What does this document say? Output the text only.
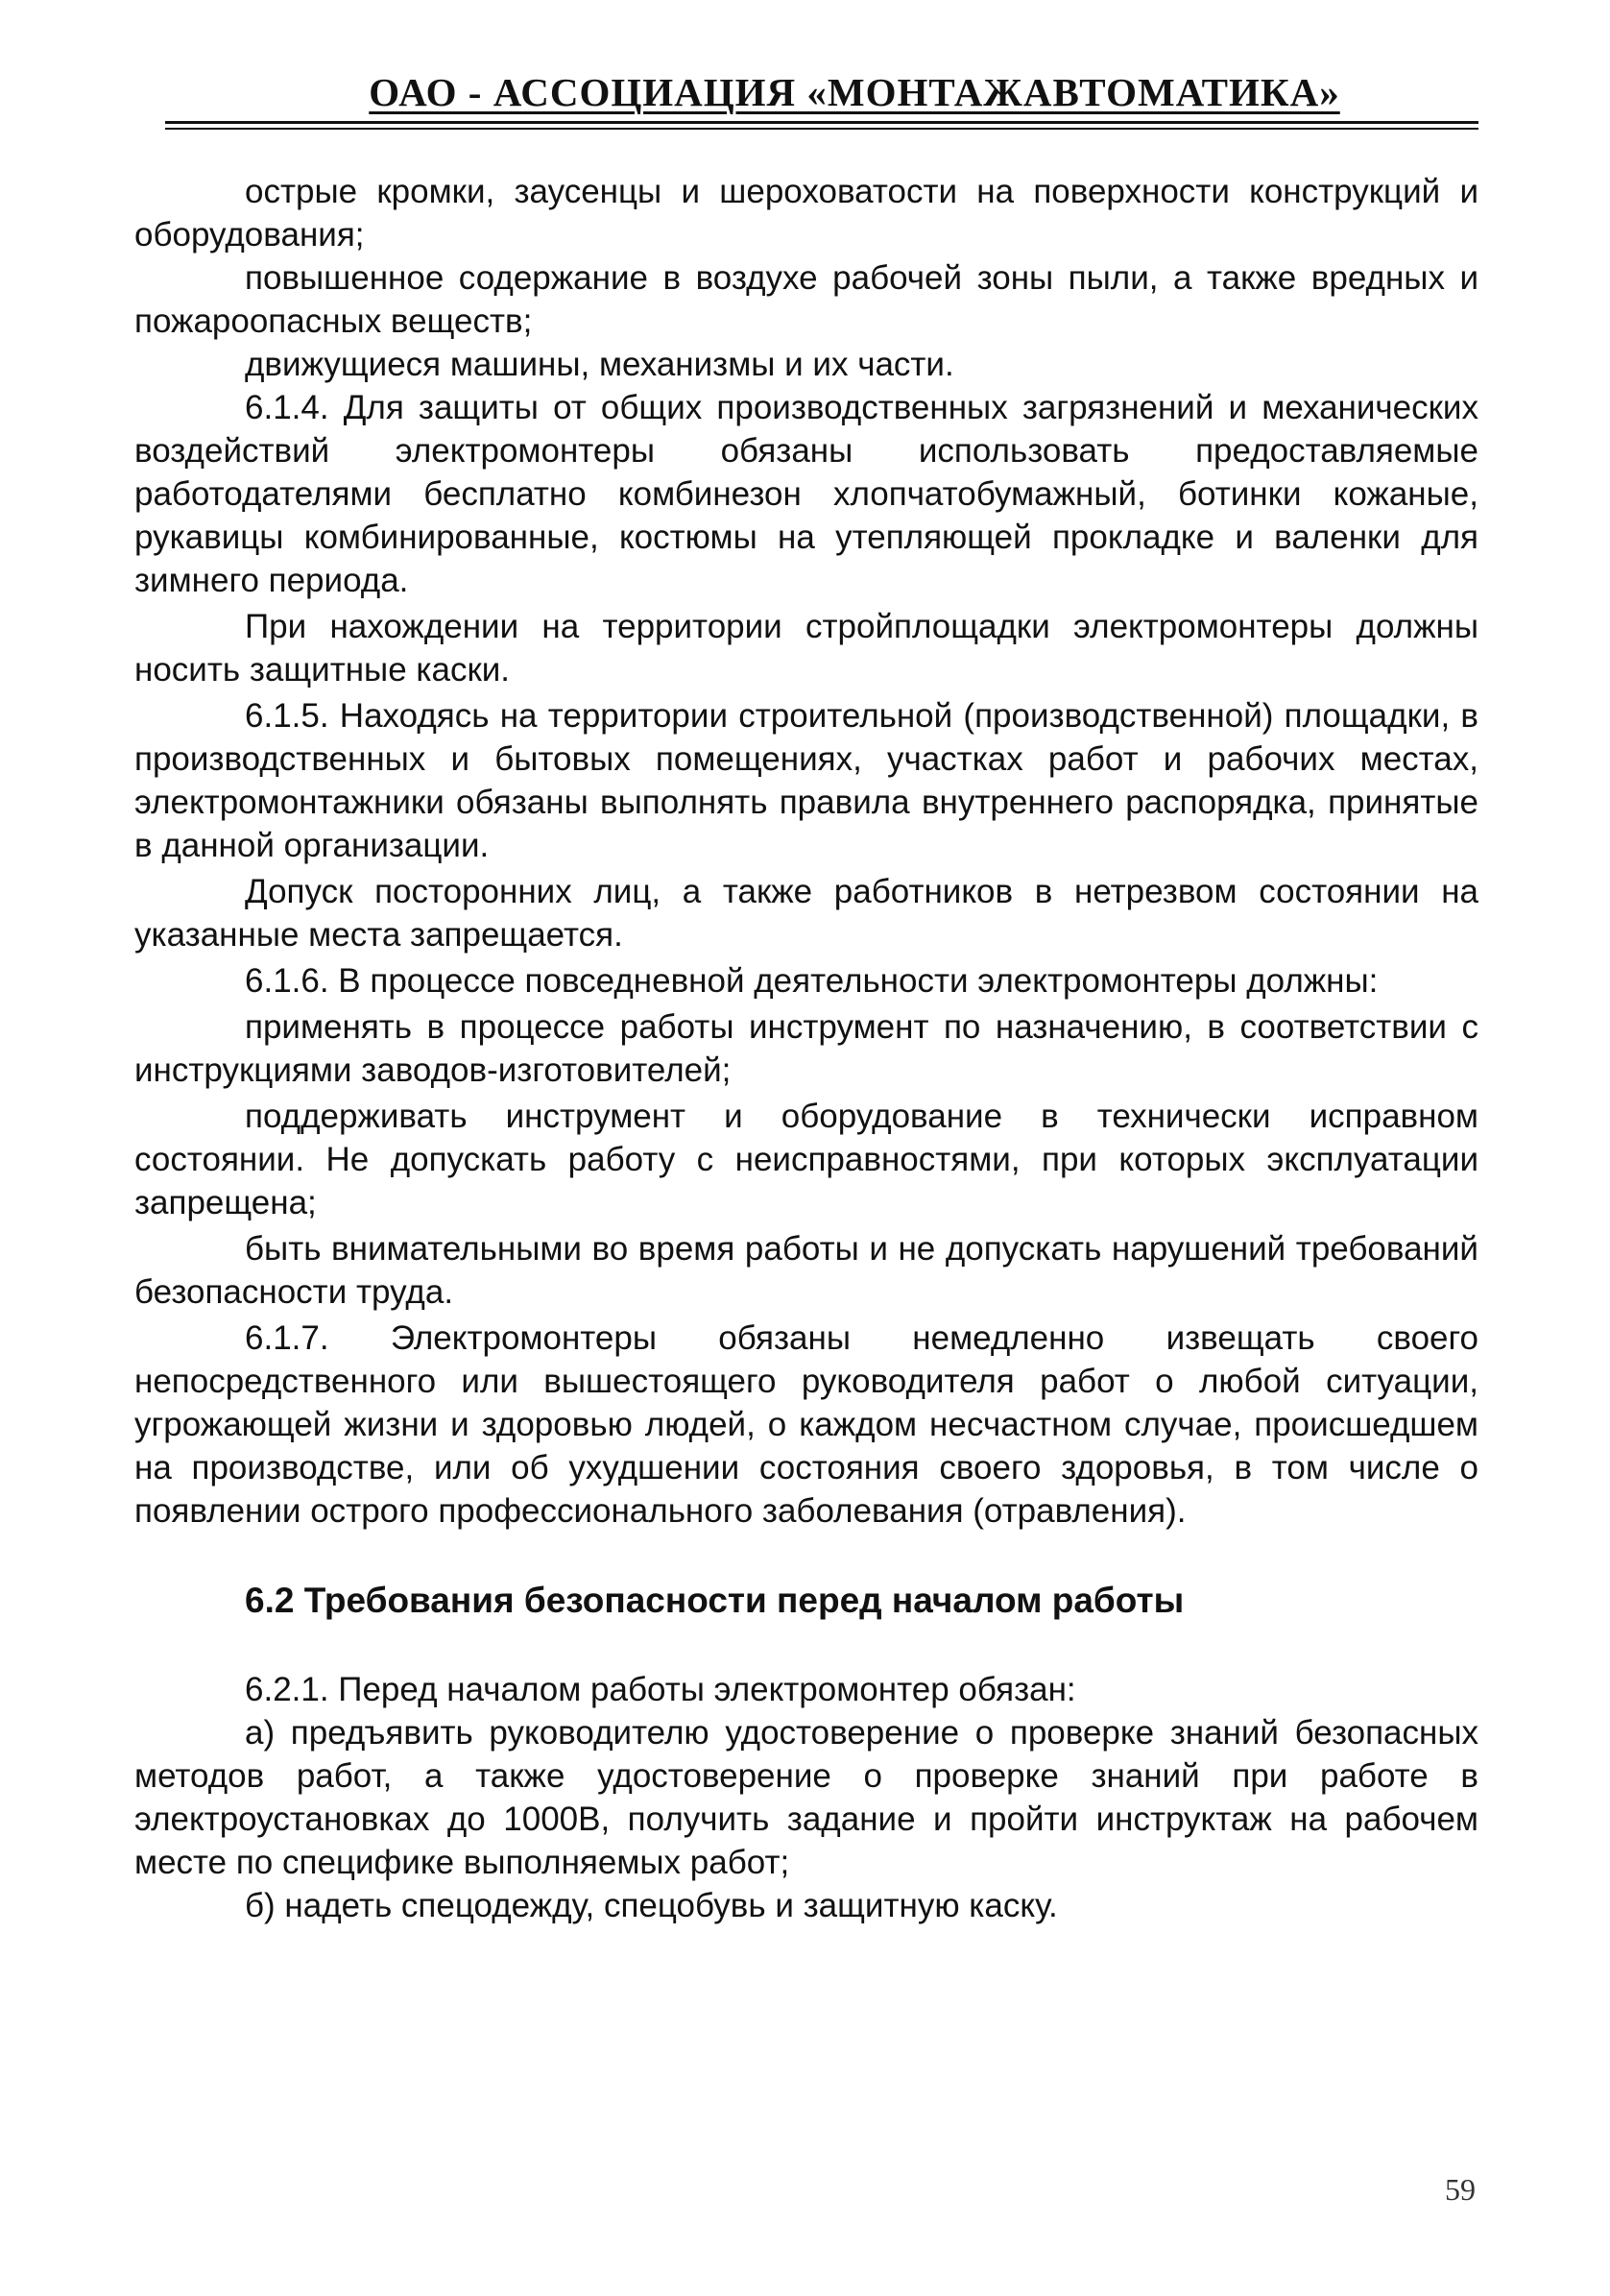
ОАО - АССОЦИАЦИЯ «МОНТАЖАВТОМАТИКА»

острые кромки, заусенцы и шероховатости на поверхности конструкций и оборудования;

повышенное содержание в воздухе рабочей зоны пыли, а также вредных и пожароопасных веществ;

движущиеся машины, механизмы и их части.

6.1.4. Для защиты от общих производственных загрязнений и механических воздействий электромонтеры обязаны использовать предоставляемые работодателями бесплатно комбинезон хлопчатобумажный, ботинки кожаные, рукавицы комбинированные, костюмы на утепляющей прокладке и валенки для зимнего периода.

При нахождении на территории стройплощадки электромонтеры должны носить защитные каски.

6.1.5. Находясь на территории строительной (производственной) площадки, в производственных и бытовых помещениях, участках работ и рабочих местах, электромонтажники обязаны выполнять правила внутреннего распорядка, принятые в данной организации.

Допуск посторонних лиц, а также работников в нетрезвом состоянии на указанные места запрещается.

6.1.6. В процессе повседневной деятельности электромонтеры должны:

применять в процессе работы инструмент по назначению, в соответствии с инструкциями заводов-изготовителей;

поддерживать инструмент и оборудование в технически исправном состоянии. Не допускать работу с неисправностями, при которых эксплуатации запрещена;

быть внимательными во время работы и не допускать нарушений требований безопасности труда.

6.1.7. Электромонтеры обязаны немедленно извещать своего непосредственного или вышестоящего руководителя работ о любой ситуации, угрожающей жизни и здоровью людей, о каждом несчастном случае, происшедшем на производстве, или об ухудшении состояния своего здоровья, в том числе о появлении острого профессионального заболевания (отравления).

6.2 Требования безопасности перед началом работы

6.2.1. Перед началом работы электромонтер обязан:

а) предъявить руководителю удостоверение о проверке знаний безопасных методов работ, а также удостоверение о проверке знаний при работе в электроустановках до 1000В, получить задание и пройти инструктаж на рабочем месте по специфике выполняемых работ;

б) надеть спецодежду, спецобувь и защитную каску.

59
